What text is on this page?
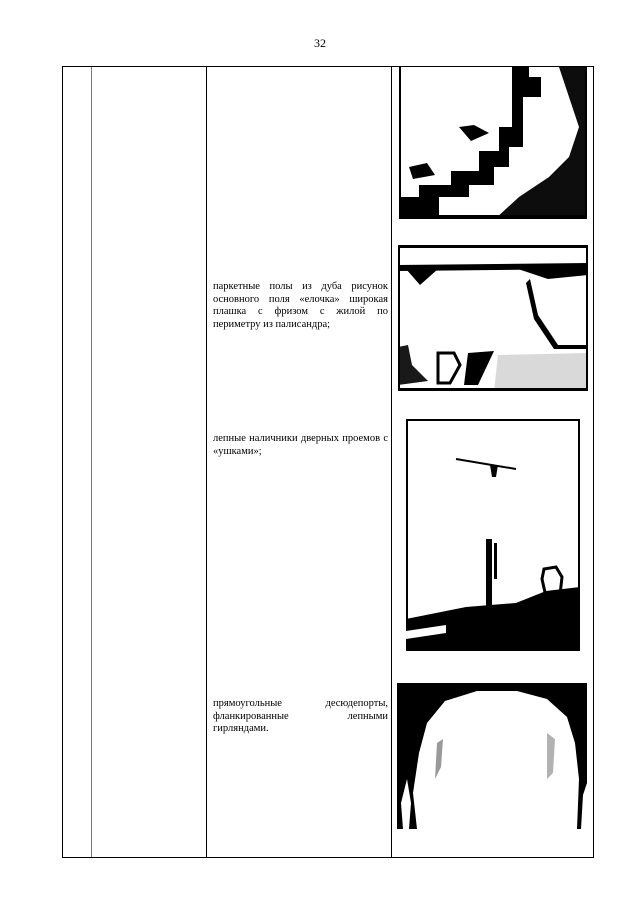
32
паркетные полы из дуба рисунок основного поля «елочка» широкая плашка с фризом с жилой по периметру из палисандра;
лепные наличники дверных проемов с «ушками»;
прямоугольные десюдепорты, фланкированные лепными гирляндами.
